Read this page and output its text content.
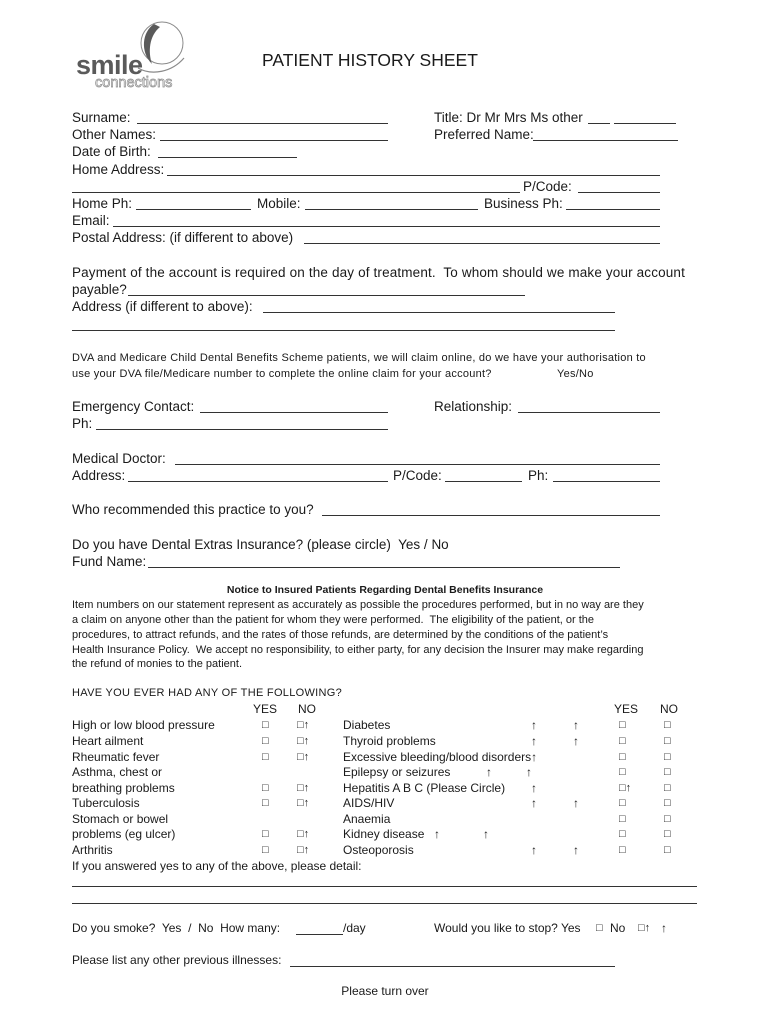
smile
connections
PATIENT HISTORY SHEET
Surname:	Title: Dr Mr Mrs Ms other
Other Names:	Preferred Name:
Date of Birth:
Home Address:
P/Code:
Home Ph:	Mobile:	Business Ph:
Email:
Postal Address: (if different to above)
Payment of the account is required on the day of treatment.  To whom should we make your account
payable?
Address (if different to above):
DVA and Medicare Child Dental Benefits Scheme patients, we will claim online, do we have your authorisation to
use your DVA file/Medicare number to complete the online claim for your account?	Yes/No
Emergency Contact:	Relationship:
Ph:
Medical Doctor:
Address:	P/Code:	Ph:
Who recommended this practice to you?
Do you have Dental Extras Insurance? (please circle)  Yes / No
Fund Name:
Notice to Insured Patients Regarding Dental Benefits Insurance
Item numbers on our statement represent as accurately as possible the procedures performed, but in no way are they
a claim on anyone other than the patient for whom they were performed.  The eligibility of the patient, or the
procedures, to attract refunds, and the rates of those refunds, are determined by the conditions of the patient’s
Health Insurance Policy.  We accept no responsibility, to either party, for any decision the Insurer may make regarding
the refund of monies to the patient.
HAVE YOU EVER HAD ANY OF THE FOLLOWING?
YES NO	YES NO
High or low blood pressure	□	□↑	Diabetes	↑	↑	□	□
Heart ailment	□	□↑	Thyroid problems	↑	↑	□	□
Rheumatic fever	□	□↑	Excessive bleeding/blood disorders↑	□	□
Asthma, chest or	Epilepsy or seizures	↑	↑	□	□
breathing problems	□	□↑	Hepatitis A B C (Please Circle) ↑	□↑	□
Tuberculosis	□	□↑	AIDS/HIV	↑	↑	□	□
Stomach or bowel	Anaemia	□	□
problems (eg ulcer)	□	□↑	Kidney disease ↑	↑	□	□
Arthritis	□	□↑	Osteoporosis	↑	↑	□	□
If you answered yes to any of the above, please detail:
Do you smoke?  Yes  /  No  How many:	/day	Would you like to stop? Yes □ No □↑ ↑
Please list any other previous illnesses:
Please turn over
